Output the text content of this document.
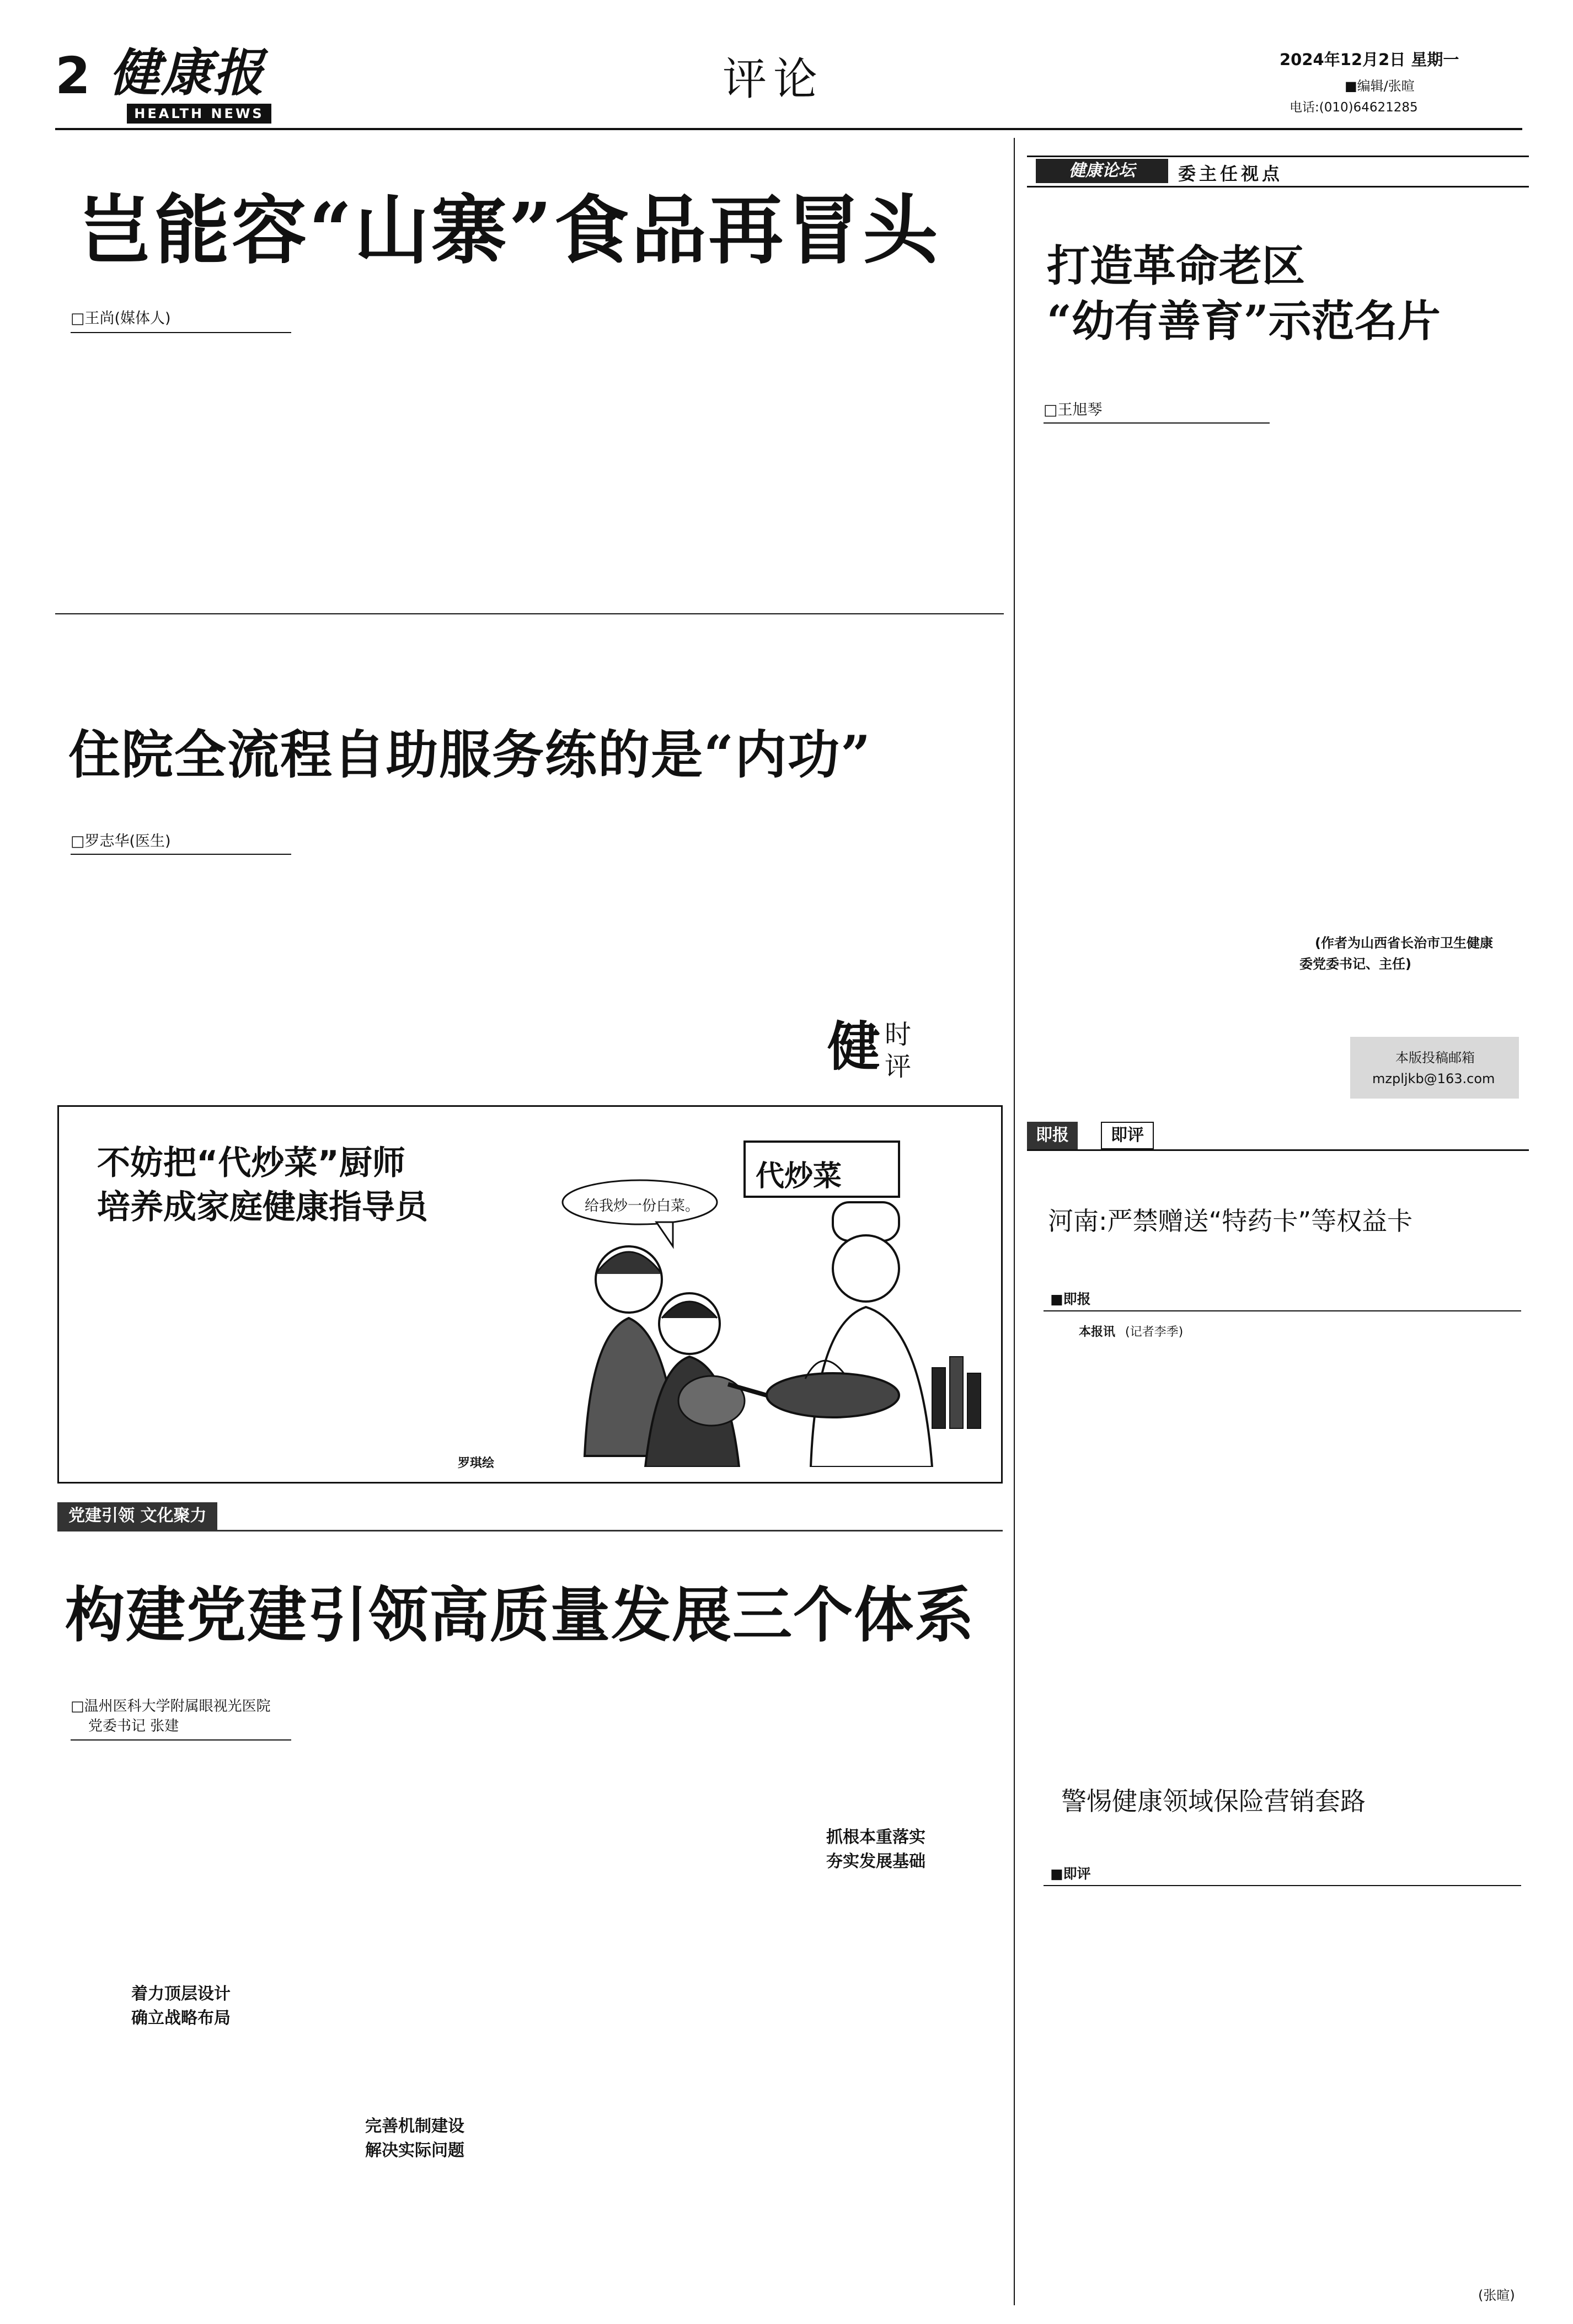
2 健康报
HEALTH NEWS
评论	2024年12月2日 星期一
■编辑/张暄
电话:(010)64621285
岂能容“山寨”食品再冒头
□王尚(媒体人)
住院全流程自助服务练的是“内功”
□罗志华(医生)
健 时
评
不妨把“代炒菜”厨师
培养成家庭健康指导员
罗琪绘
代炒菜
给我炒一份白菜。
党建引领 文化聚力
构建党建引领高质量发展三个体系
□温州医科大学附属眼视光医院
党委书记 张建
着力顶层设计
确立战略布局
完善机制建设
解决实际问题
抓根本重落实
夯实发展基础
健康论坛	委主任视点
打造革命老区
“幼有善育”示范名片
□王旭琴
(作者为山西省长治市卫生健康
委党委书记、主任)
本版投稿邮箱
mzpljkb@163.com
即报	即评
河南:严禁赠送“特药卡”等权益卡
■即报
本报讯 (记者李季)
警惕健康领域保险营销套路
■即评
(张暄)
